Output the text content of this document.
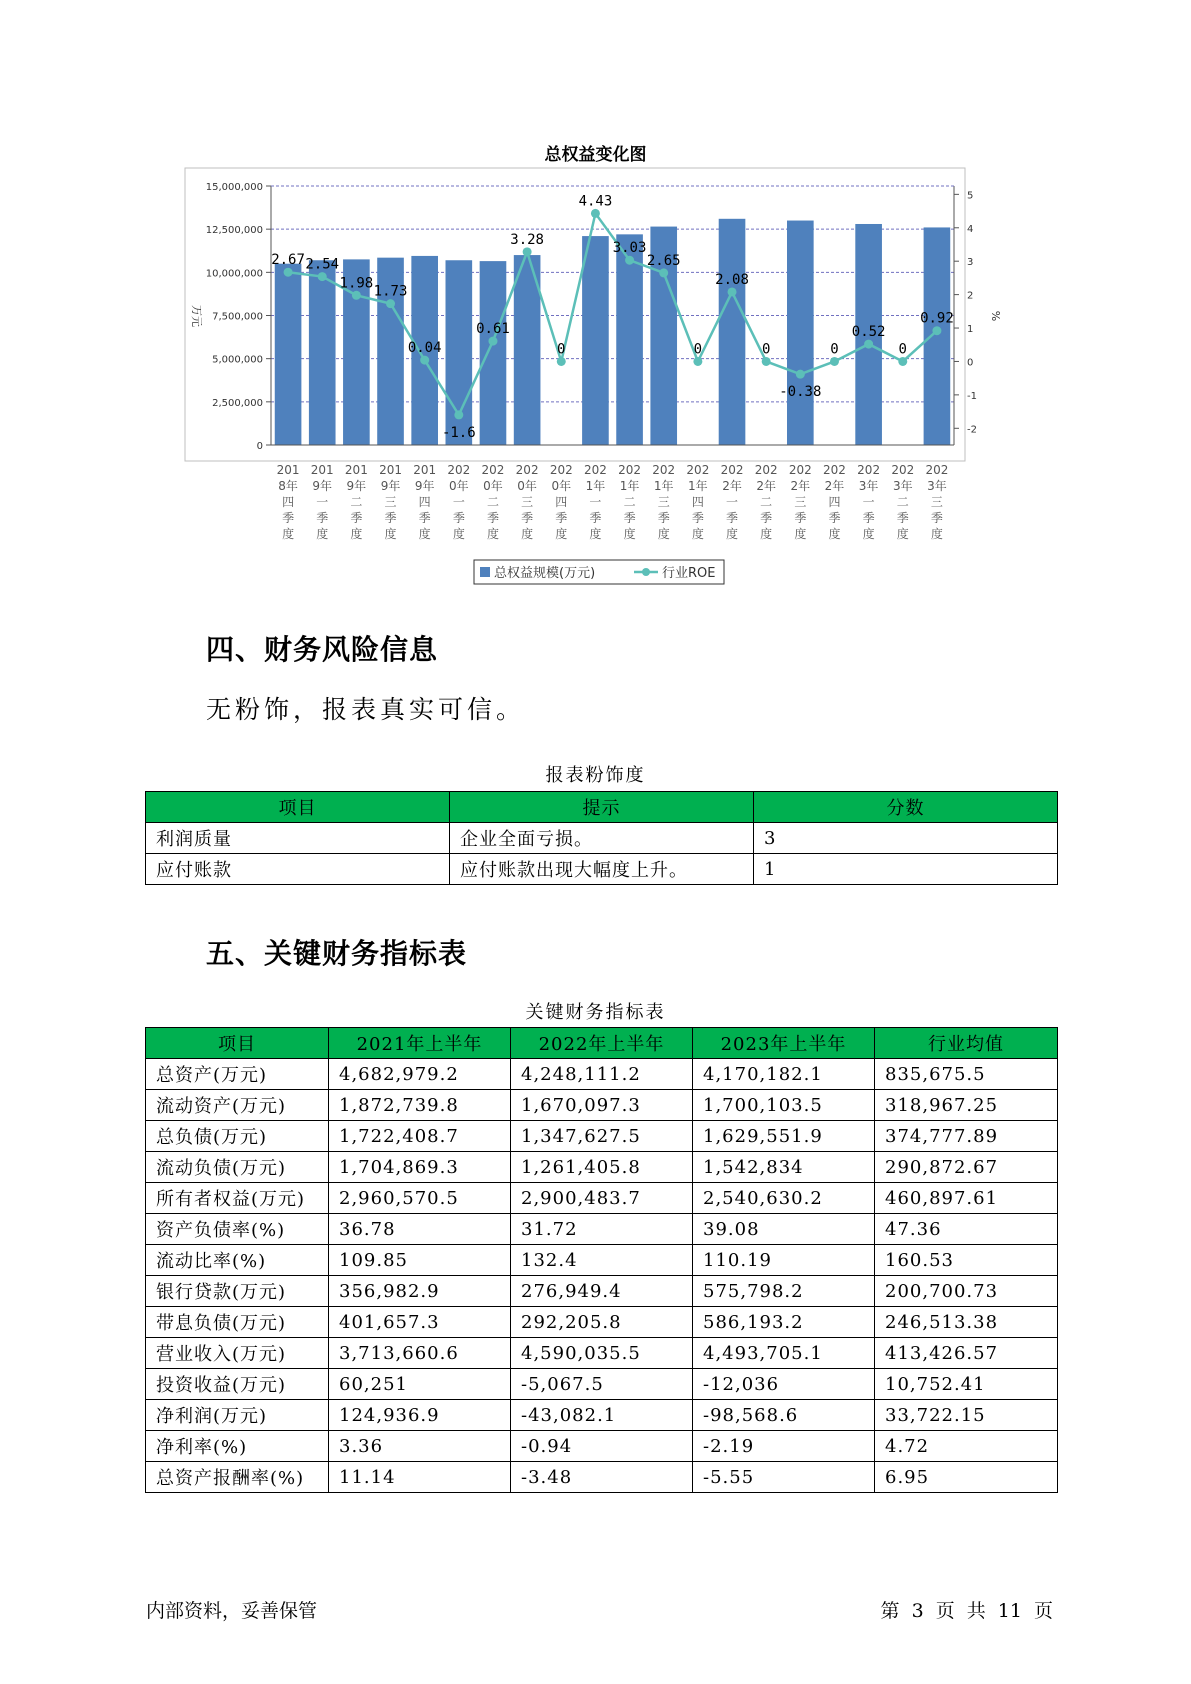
总权益变化图
0
2,500,000
5,000,000
7,500,000
10,000,000
12,500,000
15,000,000
-2
-1
0
1
2
3
4
5
2.67 2.54
1.98
1.73
0.04
-1.6
0.61
3.28
0
4.43
3.03
2.65
0
2.08
0
-0.38
0
0.52
0
0.92
201
8年
四
季
度
201
9年
一
季
度
201
9年
二
季
度
201
9年
三
季
度
201
9年
四
季
度
202
0年
一
季
度
202
0年
二
季
度
202
0年
三
季
度
202
0年
四
季
度
202
1年
一
季
度
202
1年
二
季
度
202
1年
三
季
度
202
1年
四
季
度
202
2年
一
季
度
202
2年
二
季
度
202
2年
三
季
度
202
2年
四
季
度
202
3年
一
季
度
202
3年
二
季
度
202
3年
三
季
度
万元	%
总权益规模(万元)	行业ROE
四、财务风险信息
无粉饰，报表真实可信。
报表粉饰度
项目	提示	分数
利润质量	企业全面亏损。	3
应付账款	应付账款出现大幅度上升。	1
五、关键财务指标表
关键财务指标表
项目	2021年上半年	2022年上半年	2023年上半年	行业均值
总资产(万元)	4,682,979.2	4,248,111.2	4,170,182.1	835,675.5
流动资产(万元)	1,872,739.8	1,670,097.3	1,700,103.5	318,967.25
总负债(万元)	1,722,408.7	1,347,627.5	1,629,551.9	374,777.89
流动负债(万元)	1,704,869.3	1,261,405.8	1,542,834	290,872.67
所有者权益(万元)	2,960,570.5	2,900,483.7	2,540,630.2	460,897.61
资产负债率(%)	36.78	31.72	39.08	47.36
流动比率(%)	109.85	132.4	110.19	160.53
银行贷款(万元)	356,982.9	276,949.4	575,798.2	200,700.73
带息负债(万元)	401,657.3	292,205.8	586,193.2	246,513.38
营业收入(万元)	3,713,660.6	4,590,035.5	4,493,705.1	413,426.57
投资收益(万元)	60,251	-5,067.5	-12,036	10,752.41
净利润(万元)	124,936.9	-43,082.1	-98,568.6	33,722.15
净利率(%)	3.36	-0.94	-2.19	4.72
总资产报酬率(%)	11.14	-3.48	-5.55	6.95
内部资料，妥善保管	第 3 页 共 11 页
